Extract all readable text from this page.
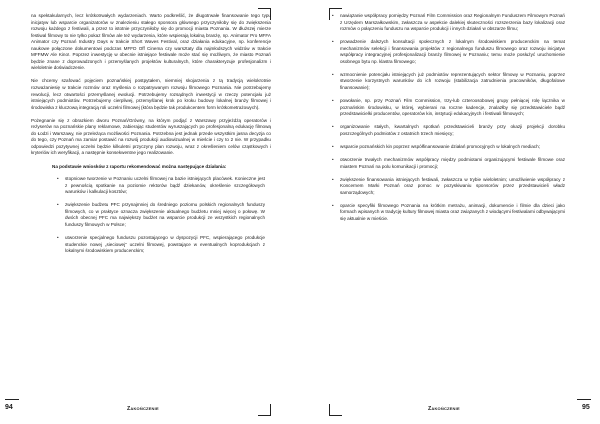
na spektakularnych, lecz krótkotrwałych wydarzeniach. Warto podkreślić, że długotrwałe finansowanie tego typu inicjatyw lub wsparcie organizatorów w znalezieniu stałego sponsora głównego przyczyniłoby się do zwiększenia rozwoju każdego z festiwali, a przez to istotnie przyczyniłoby się do promocji miasta Poznania. W dłuższej mierze festiwal filmowy to nie tylko pokaz filmów ale też wydarzenia, które wspierają lokalną branżę, np. Animator Pro MFFA Animator czy Poznań Industry Days w trakcie Short Waves Festival, oraz działania edukacyjne, np. konferencje naukowe połączone dokumentowi podczas MFFD Off Cinema czy warsztaty dla najmłodszych widzów w trakcie MFFMW Ale Kino!. Poprzez inwestycję w obecnie istniejące festiwale może stać się możliwym, że miasto Poznań będzie znane z doprowadzonych i przemyślanych projektów kulturalnych, które charakteryzuje profesjonalizm i wieloletnie doświadczenie.

Nie chcemy szafować pojęciem poznańskiej postpytałem, niemniej skojarzenia z tą tradycją wielokrotnie rozważaniesię w trakcie rozmów oraz myślenia o rozpatrywanym rozwoju filmowego Poznania. Nie potrzebujemy rewolucji, lecz otwartości przemyślanej ewolucji. Potrzebujemy rozsądnych inwestycji w rzeczy potencjału już istniejących podmiotów. Potrzebujemy cierpliwej, przemyślanej krok po kroku budowy lokalnej branży filmowej i środowiska z kluczową integracją roli uczelni filmowej (która będzie tak produkcentem form krótkometrażowych).

Pożegnanie się z obrazkiem dworu Poznań/Grówny, na którym podjąć z Warszawy przyjeżdżą operatorów i reżyserów na poznańskie plany reklamowe, zabierając studentów wyruszających po profesjonalną edukację filmową do Łodzi i Warszawy, nie przeleżąca możliwości Poznania. Potrzebna jest jednak przede wszystkim jasna decyzja co do tego, czy Poznań ma zamiar postawić na rozwój produkcji audiowizualnej w mieście i czy to 2 nie. W przypadku odpowiedzi pozytywnej uczelni będzie kilkuletni przyczyny plan rozwoju, wraz z określeniem celów cząstkowych i kryteriów ich weryfikacji, a następnie konsekwentne jego realizowanie.

Na podstawie wniosków z raportu rekomendować można następujące działania:

• stopniowe tworzenie w Poznaniu uczelni filmowej na bazie istniejących placówek. Konieczne jest z pewnością spotkanie na poziomie rektorów bądź dziekanów, określenie szczegółowych warunków i kalkulacji kosztów;
• zwiększenie budżetu PFC przynajmniej do średniego poziomu polskich regionalnych funduszy filmowych, co w praktyce oznacza zwiększenie aktualnego budżetu mniej więcej o połowę. W dwóch obecnej PFC ma największy budżet na wsparcie produkcji ze wszystkich regionalnych funduszy filmowych w Polsce;
• utworzenie specjalnego funduszu pozostającego w dyspozycji PFC, wspierającego produkcje studenckie nowej „sieciowej” uczelni filmowej, powstające w eventualnych koprodukcjach z lokalnymi środowiskiem producenckim;
94	Zakończenie
• nawiązanie współpracy pomiędzy Poznań Film Commission oraz Regionalnym Funduszem Filmowym Poznań z Urzędem Marszałkowskim, zwłaszcza w aspekcie dalekiej skuteczności rozszerzenia bazy lokalizacji oraz rozmów o połączeniu funduszu na wsparcie produkcji i innych działań w obszarze filmu;
• prowadzenie dalszych konsultacji społecznych z lokalnym środowiskiem producenckim na temat mechanizmów selekcji i finansowania projektów z regionalnego funduszu filmowego oraz rozwoju inicjatyw współpracy integracyjnej profesjonalizacji branży filmowej w Poznaniu; temu może posłużyć uruchomienie osobnego bytu np. klastra filmowego;
• wzmocnienie potencjału istniejących już podmiotów reprezentujących sektor filmowy w Poznaniu, poprzez stworzenie korzystnych warunków do ich rozwoju (stabilizacja zatrudnienia pracowników, długofalowe finansowanie);
• powołanie, np. przy Poznań Film Commission, trzy-lub czteroosobowej grupy pełniącej rolę łącznika w poznańskim środowisku, w której, wybierani na roczne kadencje, znalazłby się przedstawiciele bądź przedstawicielki producentów, operatorów kin, instytucji edukacyjnych i festiwali filmowych;
• organizowanie stałych, kwartalnych spotkań przedstawicieli branży przy okazji projekcji dorobku poszczególnych podmiotów z ostatnich trzech miesięcy;
• wsparcie poznańskich kin poprzez współfinansowanie działań promocyjnych w lokalnych mediach;
• otworzenie trwałych mechanizmów współpracy między podmiotami organizującymi festiwale filmowe oraz miastem Poznań na polu komunikacji i promocji;
• zwiększenie finansowania istniejących festiwali, zwłaszcza w trybie wieloletnim; umożliwienie współpracy z Koncernem Marki Poznań oraz pomoc w pozyskiwaniu sponsorów przez przedstawicieli władz samorządowych;
• oparcie specyfiki filmowego Poznania na krótkim metrażu, animacji, dokumencie i filmie dla dzieci jako formach wpisanych w tradycję kultury filmowej miasta oraz związanych z wiodącymi festiwalami odbywającymi się aktualnie w mieście.
Zakończenie	95
